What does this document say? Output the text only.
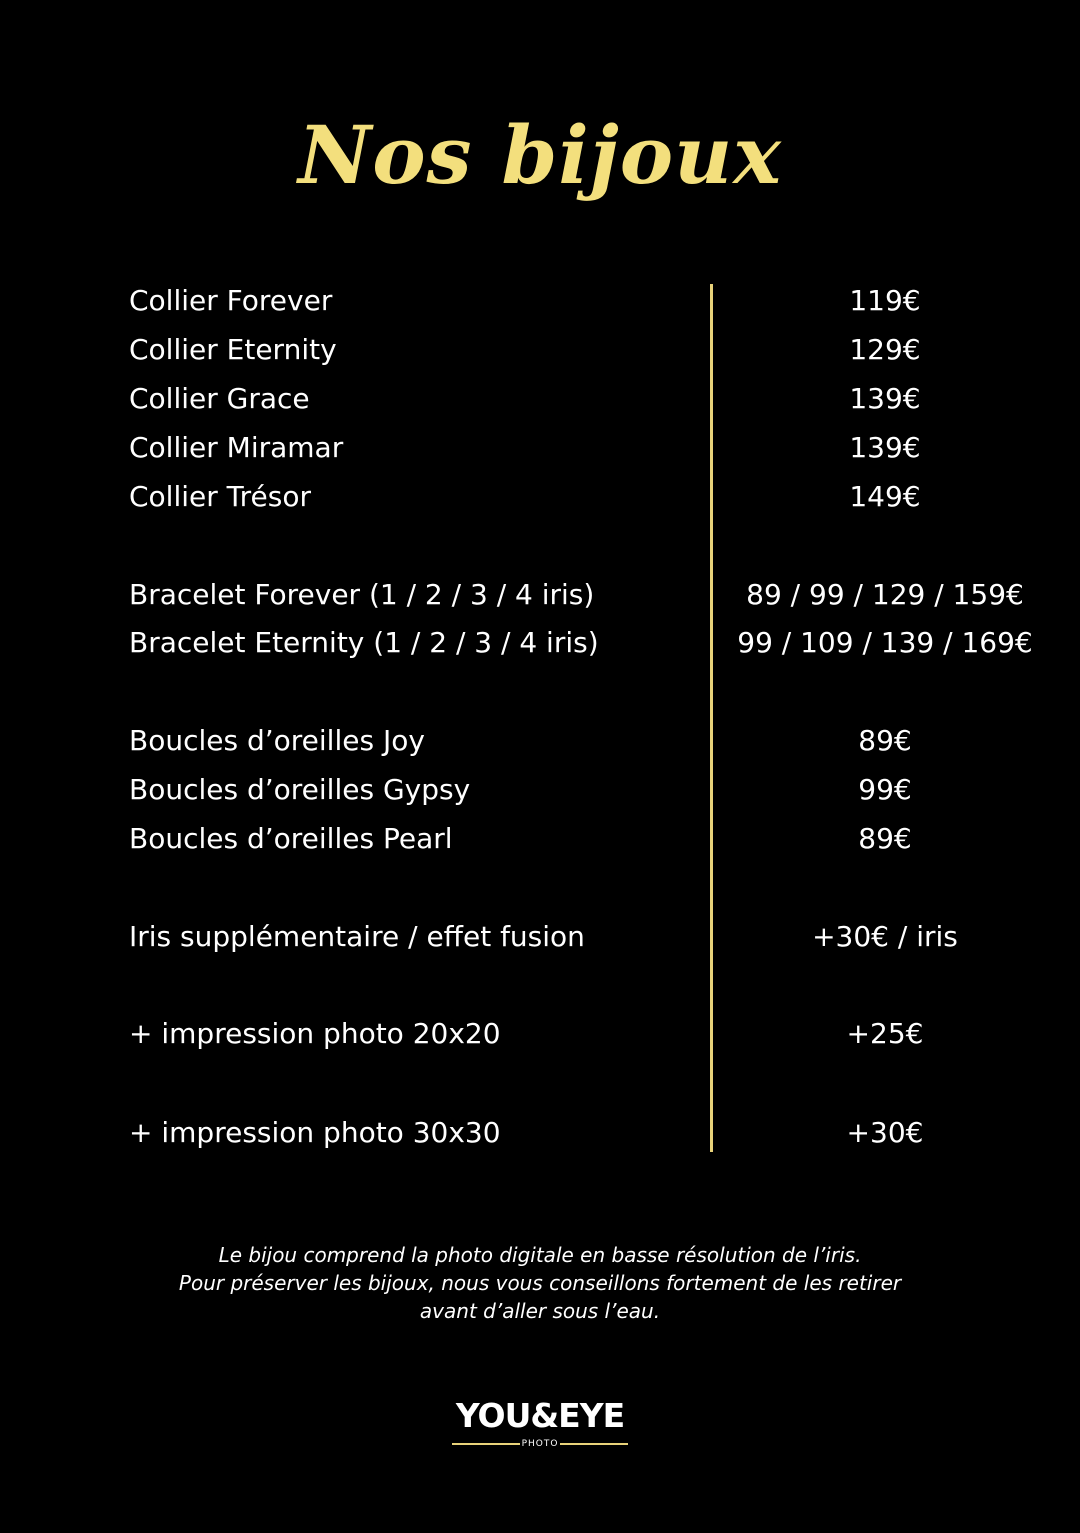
Nos bijoux
Collier Forever	119€
Collier Eternity	129€
Collier Grace	139€
Collier Miramar	139€
Collier Trésor	149€
Bracelet Forever (1 / 2 / 3 / 4 iris)	89 / 99 / 129 / 159€
Bracelet Eternity (1 / 2 / 3 / 4 iris)	99 / 109 / 139 / 169€
Boucles d’oreilles Joy	89€
Boucles d’oreilles Gypsy	99€
Boucles d’oreilles Pearl	89€
Iris supplémentaire / effet fusion	+30€ / iris
+ impression photo 20x20	+25€
+ impression photo 30x30	+30€
Le bijou comprend la photo digitale en basse résolution de l’iris.
Pour préserver les bijoux, nous vous conseillons fortement de les retirer
avant d’aller sous l’eau.
YOU&EYE
PHOTO
